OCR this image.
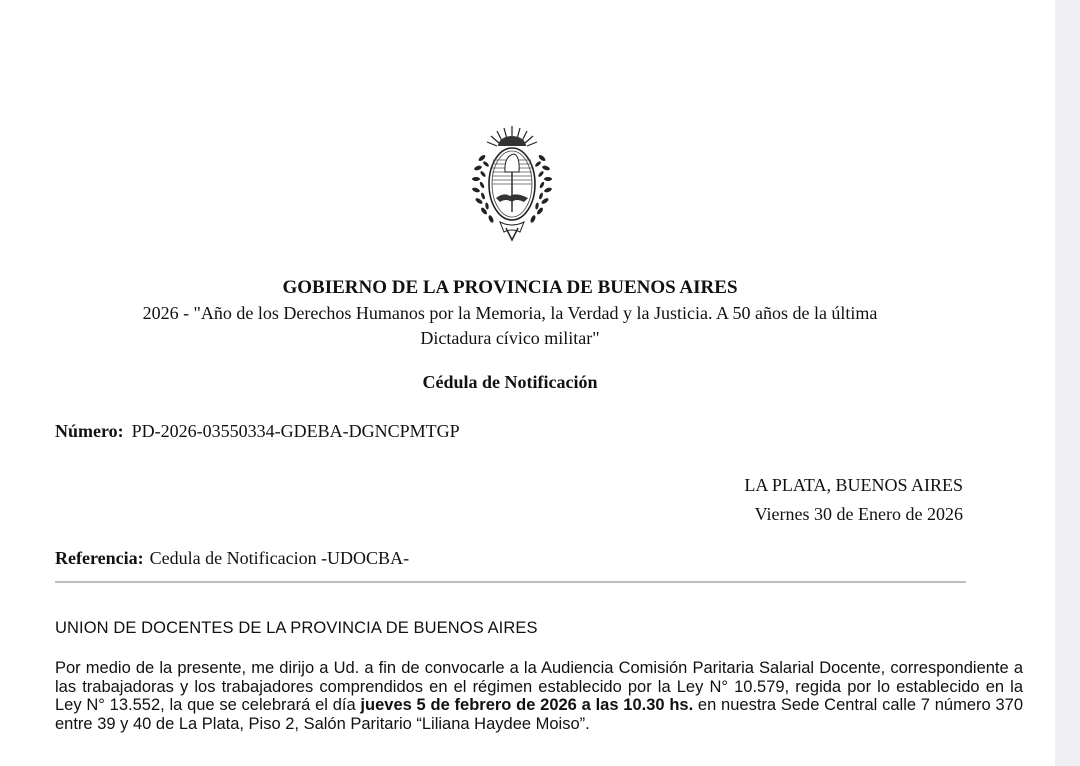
GOBIERNO DE LA PROVINCIA DE BUENOS AIRES
2026 - "Año de los Derechos Humanos por la Memoria, la Verdad y la Justicia. A 50 años de la última
Dictadura cívico militar"
Cédula de Notificación
Número: PD-2026-03550334-GDEBA-DGNCPMTGP
LA PLATA, BUENOS AIRES
Viernes 30 de Enero de 2026
Referencia: Cedula de Notificacion -UDOCBA-
UNION DE DOCENTES DE LA PROVINCIA DE BUENOS AIRES
Por medio de la presente, me dirijo a Ud. a fin de convocarle a la Audiencia Comisión Paritaria Salarial Docente, correspondiente a las trabajadoras y los trabajadores comprendidos en el régimen establecido por la Ley N° 10.579, regida por lo establecido en la Ley N° 13.552, la que se celebrará el día jueves 5 de febrero de 2026 a las 10.30 hs. en nuestra Sede Central calle 7 número 370 entre 39 y 40 de La Plata, Piso 2, Salón Paritario “Liliana Haydee Moiso”.
